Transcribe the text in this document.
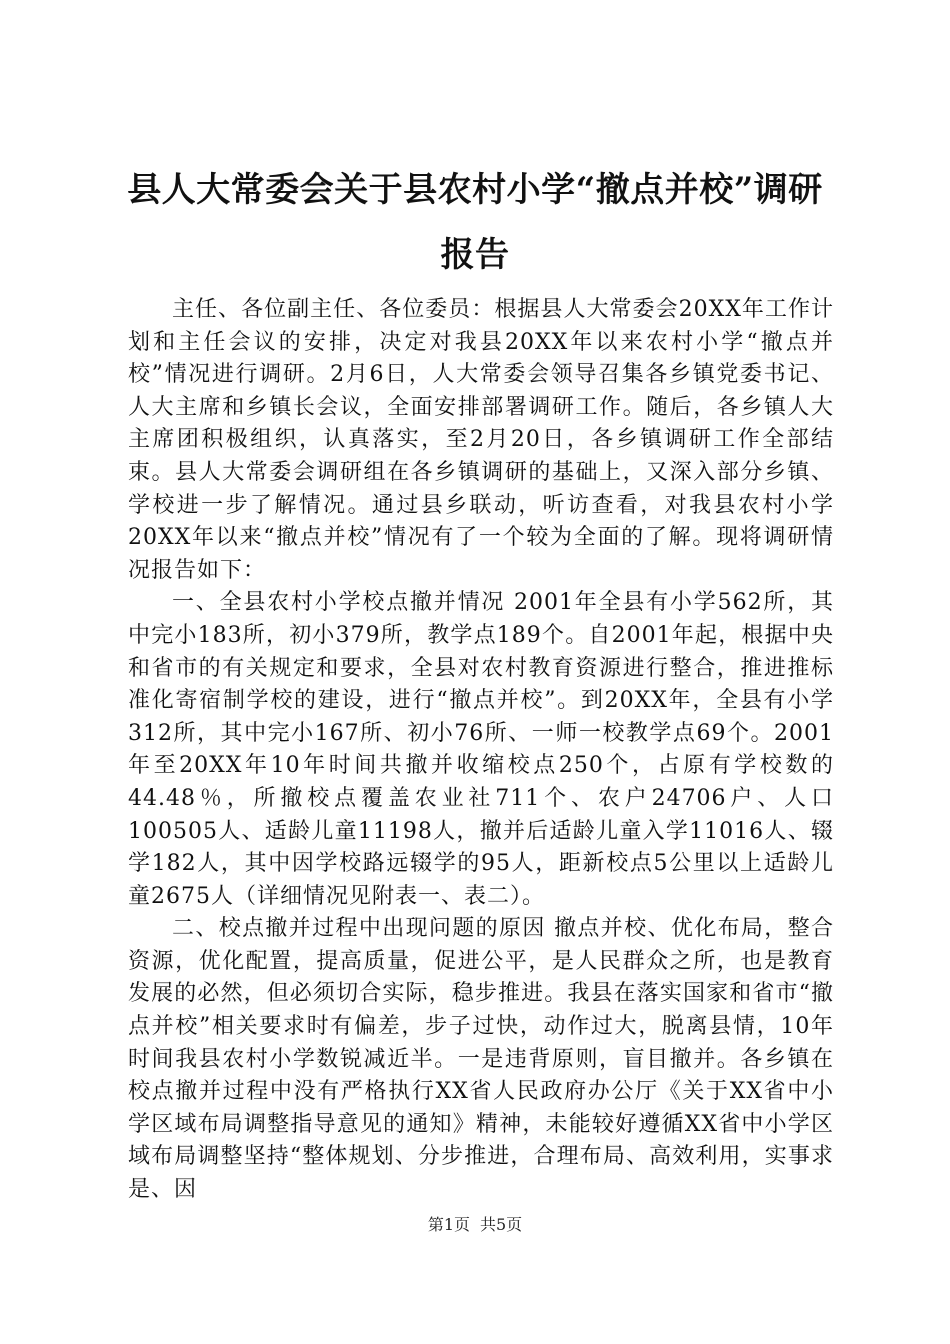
县人大常委会关于县农村小学“撤点并校”调研报告

主任、各位副主任、各位委员：根据县人大常委会20XX年工作计划和主任会议的安排，决定对我县20XX年以来农村小学“撤点并校”情况进行调研。2月6日，人大常委会领导召集各乡镇党委书记、人大主席和乡镇长会议，全面安排部署调研工作。随后，各乡镇人大主席团积极组织，认真落实，至2月20日，各乡镇调研工作全部结束。县人大常委会调研组在各乡镇调研的基础上，又深入部分乡镇、学校进一步了解情况。通过县乡联动，听访查看，对我县农村小学20XX年以来“撤点并校”情况有了一个较为全面的了解。现将调研情况报告如下：

一、全县农村小学校点撤并情况 2001年全县有小学562所，其中完小183所，初小379所，教学点189个。自2001年起，根据中央和省市的有关规定和要求，全县对农村教育资源进行整合，推进推标准化寄宿制学校的建设，进行“撤点并校”。到20XX年，全县有小学312所，其中完小167所、初小76所、一师一校教学点69个。2001年至20XX年10年时间共撤并收缩校点250个，占原有学校数的44.48％，所撤校点覆盖农业社711个、农户24706户、人口100505人、适龄儿童11198人，撤并后适龄儿童入学11016人、辍学182人，其中因学校路远辍学的95人，距新校点5公里以上适龄儿童2675人（详细情况见附表一、表二）。

二、校点撤并过程中出现问题的原因 撤点并校、优化布局，整合资源，优化配置，提高质量，促进公平，是人民群众之所，也是教育发展的必然，但必须切合实际，稳步推进。我县在落实国家和省市“撤点并校”相关要求时有偏差，步子过快，动作过大，脱离县情，10年时间我县农村小学数锐减近半。一是违背原则，盲目撤并。各乡镇在校点撤并过程中没有严格执行XX省人民政府办公厅《关于XX省中小学区域布局调整指导意见的通知》精神，未能较好遵循XX省中小学区域布局调整坚持“整体规划、分步推进，合理布局、高效利用，实事求是、因

第1页 共5页
